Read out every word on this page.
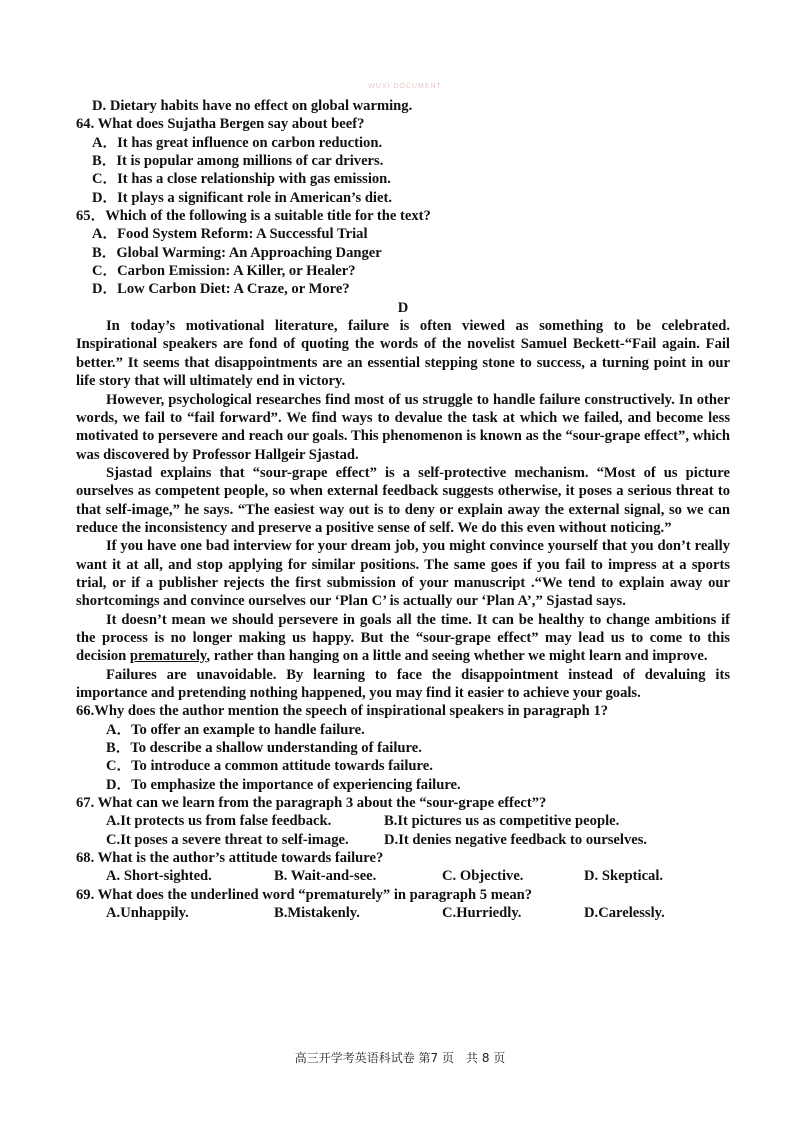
WUXI DOCUMENT
D. Dietary habits have no effect on global warming.
64. What does Sujatha Bergen say about beef?
A．It has great influence on carbon reduction.
B．It is popular among millions of car drivers.
C．It has a close relationship with gas emission.
D．It plays a significant role in American’s diet.
65．Which of the following is a suitable title for the text?
A．Food System Reform: A Successful Trial
B．Global Warming: An Approaching Danger
C．Carbon Emission: A Killer, or Healer?
D．Low Carbon Diet: A Craze, or More?
D

In today’s motivational literature, failure is often viewed as something to be celebrated. Inspirational speakers are fond of quoting the words of the novelist Samuel Beckett-“Fail again. Fail better.” It seems that disappointments are an essential stepping stone to success, a turning point in our life story that will ultimately end in victory.

However, psychological researches find most of us struggle to handle failure constructively. In other words, we fail to “fail forward”. We find ways to devalue the task at which we failed, and become less motivated to persevere and reach our goals. This phenomenon is known as the “sour-grape effect”, which was discovered by Professor Hallgeir Sjastad.

Sjastad explains that “sour-grape effect” is a self-protective mechanism. “Most of us picture ourselves as competent people, so when external feedback suggests otherwise, it poses a serious threat to that self-image,” he says. “The easiest way out is to deny or explain away the external signal, so we can reduce the inconsistency and preserve a positive sense of self. We do this even without noticing.”

If you have one bad interview for your dream job, you might convince yourself that you don’t really want it at all, and stop applying for similar positions. The same goes if you fail to impress at a sports trial, or if a publisher rejects the first submission of your manuscript .“We tend to explain away our shortcomings and convince ourselves our ‘Plan C’ is actually our ‘Plan A’,” Sjastad says.

It doesn’t mean we should persevere in goals all the time. It can be healthy to change ambitions if the process is no longer making us happy. But the “sour-grape effect” may lead us to come to this decision prematurely, rather than hanging on a little and seeing whether we might learn and improve.

Failures are unavoidable. By learning to face the disappointment instead of devaluing its importance and pretending nothing happened, you may find it easier to achieve your goals.

66.Why does the author mention the speech of inspirational speakers in paragraph 1?
A．To offer an example to handle failure.
B．To describe a shallow understanding of failure.
C．To introduce a common attitude towards failure.
D．To emphasize the importance of experiencing failure.
67. What can we learn from the paragraph 3 about the “sour-grape effect”?
A.It protects us from false feedback.	B.It pictures us as competitive people.
C.It poses a severe threat to self-image.	D.It denies negative feedback to ourselves.
68. What is the author’s attitude towards failure?
A. Short-sighted.	B. Wait-and-see.	C. Objective.	D. Skeptical.
69. What does the underlined word “prematurely” in paragraph 5 mean?
A.Unhappily.	B.Mistakenly.	C.Hurriedly.	D.Carelessly.
高三开学考英语科试卷 第7 页　共 8 页
